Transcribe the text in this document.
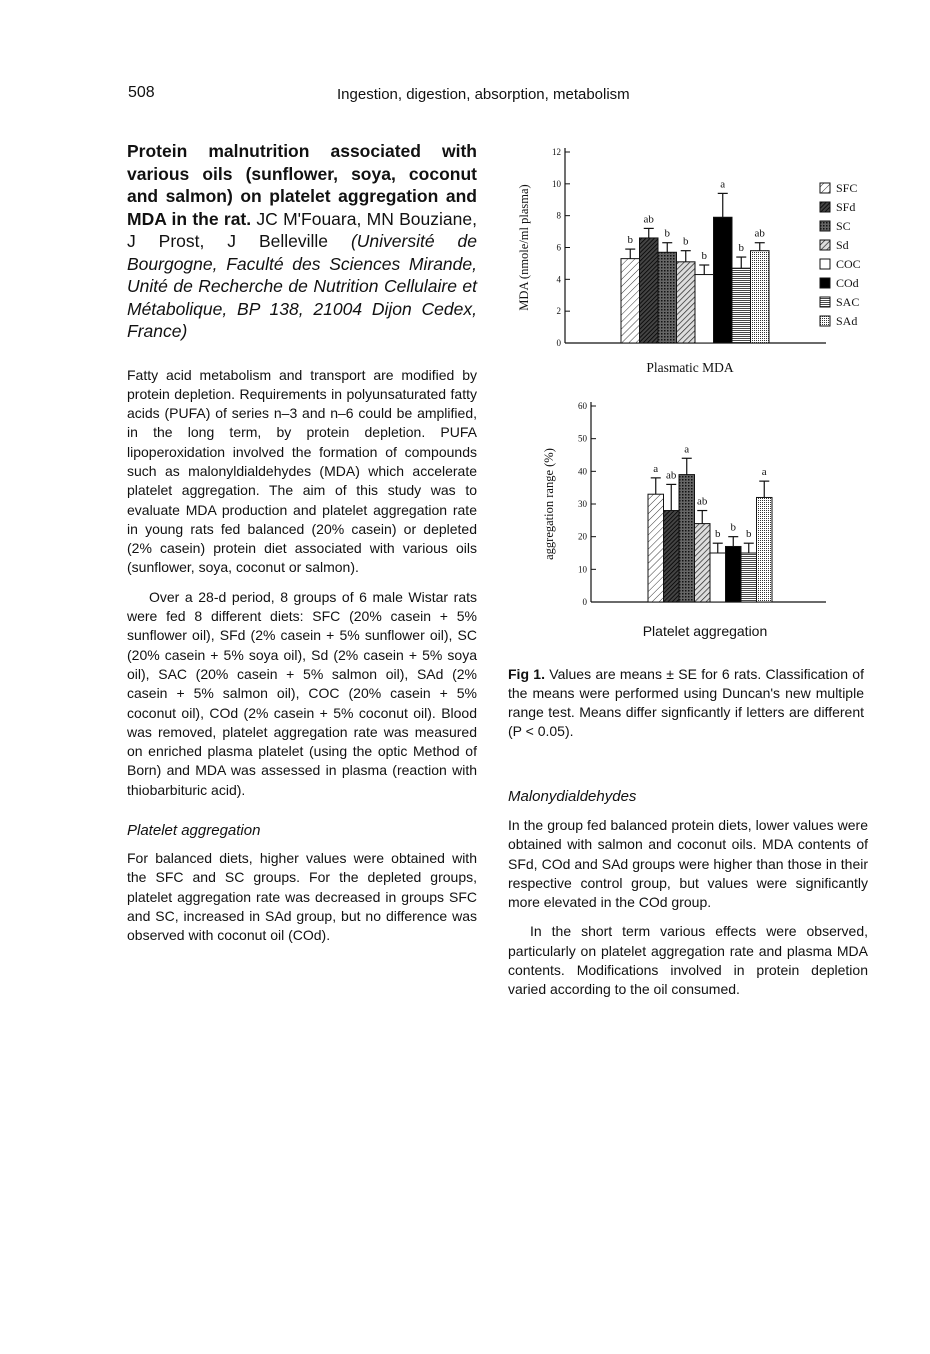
508	Ingestion, digestion, absorption, metabolism

Protein malnutrition associated with various oils (sunflower, soya, coconut and salmon) on platelet aggregation and MDA in the rat. JC M'Fouara, MN Bouziane, J Prost, J Belleville (Université de Bourgogne, Faculté des Sciences Mirande, Unité de Recherche de Nutrition Cellulaire et Métabolique, BP 138, 21004 Dijon Cedex, France)

Fatty acid metabolism and transport are modified by protein depletion. Requirements in polyunsaturated fatty acids (PUFA) of series n–3 and n–6 could be amplified, in the long term, by protein depletion. PUFA lipoperoxidation involved the formation of compounds such as malonyldialdehydes (MDA) which accelerate platelet aggregation. The aim of this study was to evaluate MDA production and platelet aggregation rate in young rats fed balanced (20% casein) or depleted (2% casein) protein diet associated with various oils (sunflower, soya, coconut or salmon).

Over a 28-d period, 8 groups of 6 male Wistar rats were fed 8 different diets: SFC (20% casein + 5% sunflower oil), SFd (2% casein + 5% sunflower oil), SC (20% casein + 5% soya oil), Sd (2% casein + 5% soya oil), SAC (20% casein + 5% salmon oil), SAd (2% casein + 5% salmon oil), COC (20% casein + 5% coconut oil), COd (2% casein + 5% coconut oil). Blood was removed, platelet aggregation rate was measured on enriched plasma platelet (using the optic Method of Born) and MDA was assessed in plasma (reaction with thiobarbituric acid).

Platelet aggregation

For balanced diets, higher values were obtained with the SFC and SC groups. For the depleted groups, platelet aggregation rate was decreased in groups SFC and SC, increased in SAd group, but no difference was observed with coconut oil (COd).

0
2
4
6
8
10
12
MDA (nmole/ml plasma)	b
ab
b
b
b
a
b
ab
Plasmatic MDA
SFC
SFd
SC
Sd
COC
COd
SAC
SAd
0
10
20
30
40
50
60
aggregation range (%)	a
ab
a
ab
b
b
b
a
Platelet aggregation

Fig 1. Values are means ± SE for 6 rats. Classification of the means were performed using Duncan's new multiple range test. Means differ signficantly if letters are different (P < 0.05).

Malonydialdehydes

In the group fed balanced protein diets, lower values were obtained with salmon and coconut oils. MDA contents of SFd, COd and SAd groups were higher than those in their respective control group, but values were significantly more elevated in the COd group.

In the short term various effects were observed, particularly on platelet aggregation rate and plasma MDA contents. Modifications involved in protein depletion varied according to the oil consumed.
